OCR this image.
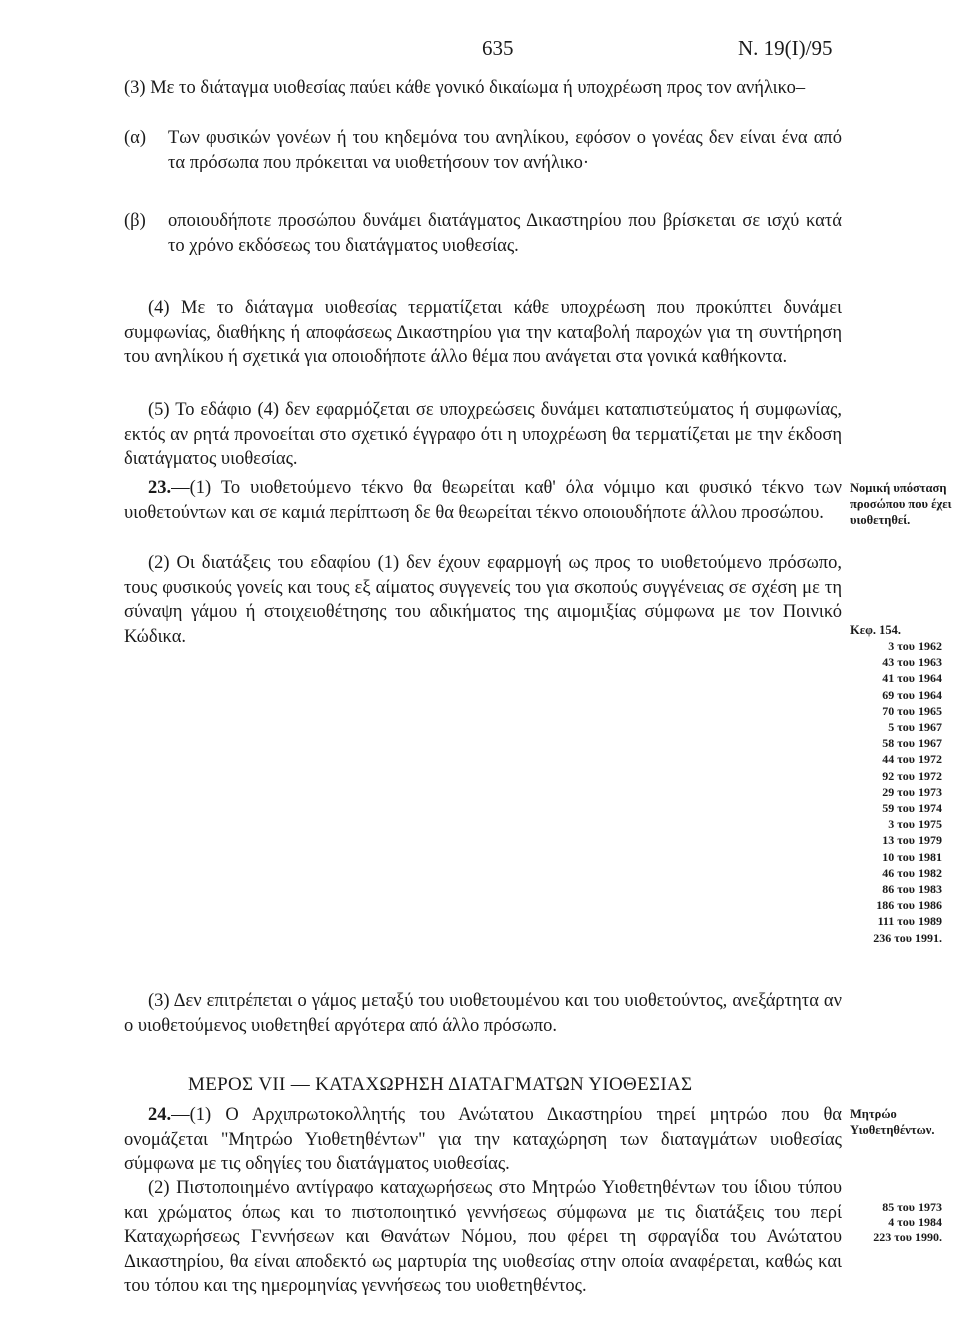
635	Ν. 19(Ι)/95
(3) Με το διάταγμα υιοθεσίας παύει κάθε γονικό δικαίωμα ή υποχρέωση προς τον ανήλικο–
(α) Των φυσικών γονέων ή του κηδεμόνα του ανηλίκου, εφόσον ο γονέας δεν είναι ένα από τα πρόσωπα που πρόκειται να υιοθετήσουν τον ανήλικο·
(β) οποιουδήποτε προσώπου δυνάμει διατάγματος Δικαστηρίου που βρίσκεται σε ισχύ κατά το χρόνο εκδόσεως του διατάγματος υιοθεσίας.
(4) Με το διάταγμα υιοθεσίας τερματίζεται κάθε υποχρέωση που προκύπτει δυνάμει συμφωνίας, διαθήκης ή αποφάσεως Δικαστηρίου για την καταβολή παροχών για τη συντήρηση του ανηλίκου ή σχετικά για οποιοδήποτε άλλο θέμα που ανάγεται στα γονικά καθήκοντα.
(5) Το εδάφιο (4) δεν εφαρμόζεται σε υποχρεώσεις δυνάμει καταπιστεύματος ή συμφωνίας, εκτός αν ρητά προνοείται στο σχετικό έγγραφο ότι η υποχρέωση θα τερματίζεται με την έκδοση διατάγματος υιοθεσίας.
23.—(1) Το υιοθετούμενο τέκνο θα θεωρείται καθ' όλα νόμιμο και φυσικό τέκνο των υιοθετούντων και σε καμιά περίπτωση δε θα θεωρείται τέκνο οποιουδήποτε άλλου προσώπου.
(2) Οι διατάξεις του εδαφίου (1) δεν έχουν εφαρμογή ως προς το υιοθετούμενο πρόσωπο, τους φυσικούς γονείς και τους εξ αίματος συγγενείς του για σκοπούς συγγένειας σε σχέση με τη σύναψη γάμου ή στοιχειοθέτησης του αδικήματος της αιμομιξίας σύμφωνα με τον Ποινικό Κώδικα.
(3) Δεν επιτρέπεται ο γάμος μεταξύ του υιοθετουμένου και του υιοθετούντος, ανεξάρτητα αν ο υιοθετούμενος υιοθετηθεί αργότερα από άλλο πρόσωπο.
ΜΕΡΟΣ VII — ΚΑΤΑΧΩΡΗΣΗ ΔΙΑΤΑΓΜΑΤΩΝ ΥΙΟΘΕΣΙΑΣ
24.—(1) Ο Αρχιπρωτοκολλητής του Ανώτατου Δικαστηρίου τηρεί μητρώο που θα ονομάζεται "Μητρώο Υιοθετηθέντων" για την καταχώρηση των διαταγμάτων υιοθεσίας σύμφωνα με τις οδηγίες του διατάγματος υιοθεσίας.
(2) Πιστοποιημένο αντίγραφο καταχωρήσεως στο Μητρώο Υιοθετηθέντων του ίδιου τύπου και χρώματος όπως και το πιστοποιητικό γεννήσεως σύμφωνα με τις διατάξεις του περί Καταχωρήσεως Γεννήσεων και Θανάτων Νόμου, που φέρει τη σφραγίδα του Ανώτατου Δικαστηρίου, θα είναι αποδεκτό ως μαρτυρία της υιοθεσίας στην οποία αναφέρεται, καθώς και του τόπου και της ημερομηνίας γεννήσεως του υιοθετηθέντος.
Νομική υπόσταση προσώπου που έχει υιοθετηθεί.
Κεφ. 154.
3 του 1962
43 του 1963
41 του 1964
69 του 1964
70 του 1965
5 του 1967
58 του 1967
44 του 1972
92 του 1972
29 του 1973
59 του 1974
3 του 1975
13 του 1979
10 του 1981
46 του 1982
86 του 1983
186 του 1986
111 του 1989
236 του 1991.
Μητρώο Υιοθετηθέντων.
85 του 1973
4 του 1984
223 του 1990.
